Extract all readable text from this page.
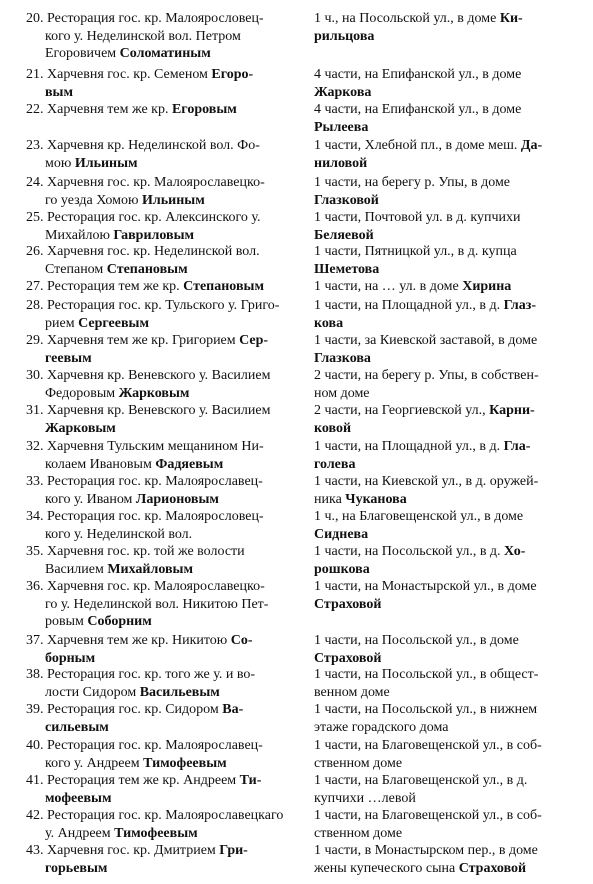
20. Ресторация гос. кр. Малоярословец-
кого у. Неделинской вол. Петром
Егоровичем Соломатиным
1 ч., на Посольской ул., в доме Ки-
рильцова
21. Харчевня гос. кр. Семеном Егоро-
вым
4 части, на Епифанской ул., в доме
Жаркова
22. Харчевня тем же кр. Егоровым	4 части, на Епифанской ул., в доме
Рылеева
23. Харчевня кр. Неделинской вол. Фо-
мою Ильиным
1 части, Хлебной пл., в доме меш. Да-
ниловой
24. Харчевня гос. кр. Малоярославецко-
го уезда Хомою Ильиным
1 части, на берегу р. Упы, в доме
Глазковой
25. Ресторация гос. кр. Алексинского у.
Михайлою Гавриловым
1 части, Почтовой ул. в д. купчихи
Беляевой
26. Харчевня гос. кр. Неделинской вол.
Степаном Степановым
1 части, Пятницкой ул., в д. купца
Шеметова
27. Ресторация тем же кр. Степановым	1 части, на … ул. в доме Хирина
28. Ресторация гос. кр. Тульского у. Григо-
рием Сергеевым
1 части, на Площадной ул., в д. Глаз-
кова
29. Харчевня тем же кр. Григорием Сер-
геевым
1 части, за Киевской заставой, в доме
Глазкова
30. Харчевня кр. Веневского у. Василием
Федоровым Жарковым
2 части, на берегу р. Упы, в собствен-
ном доме
31. Харчевня кр. Веневского у. Василием
Жарковым
2 части, на Георгиевской ул., Карни-
ковой
32. Харчевня Тульским мещанином Ни-
колаем Ивановым Фадяевым
1 части, на Площадной ул., в д. Гла-
голева
33. Ресторация гос. кр. Малоярославец-
кого у. Иваном Ларионовым
1 части, на Киевской ул., в д. оружей-
ника Чуканова
34. Ресторация гос. кр. Малоярословец-
кого у. Неделинской вол.
1 ч., на Благовещенской ул., в доме
Сиднева
35. Харчевня гос. кр. той же волости
Василием Михайловым
1 части, на Посольской ул., в д. Хо-
рошкова
36. Харчевня гос. кр. Малоярославецко-
го у. Неделинской вол. Никитою Пет-
ровым Соборним
1 части, на Монастырской ул., в доме
Страховой
37. Харчевня тем же кр. Никитою Со-
борным
1 части, на Посольской ул., в доме
Страховой
38. Ресторация гос. кр. того же у. и во-
лости Сидором Васильевым
1 части, на Посольской ул., в общест-
венном доме
39. Ресторация гос. кр. Сидором Ва-
сильевым
1 части, на Посольской ул., в нижнем
этаже горадского дома
40. Ресторация гос. кр. Малоярославец-
кого у. Андреем Тимофеевым
1 части, на Благовещенской ул., в соб-
ственном доме
41. Ресторация тем же кр. Андреем Ти-
мофеевым
1 части, на Благовещенской ул., в д.
купчихи …левой
42. Ресторация гос. кр. Малоярославецкаго
у. Андреем Тимофеевым
1 части, на Благовещенской ул., в соб-
ственном доме
43. Харчевня гос. кр. Дмитрием Гри-
горьевым
1 части, в Монастырском пер., в доме
жены купеческого сына Страховой
